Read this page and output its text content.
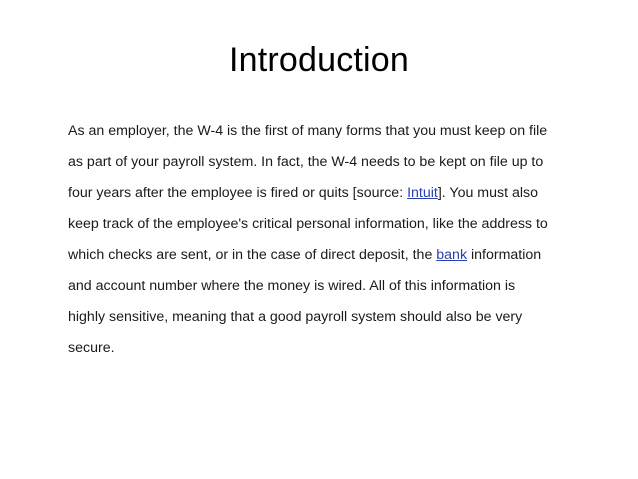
Introduction
As an employer, the W-4 is the first of many forms that you must keep on file
as part of your payroll system. In fact, the W-4 needs to be kept on file up to
four years after the employee is fired or quits [source: Intuit]. You must also
keep track of the employee's critical personal information, like the address to
which checks are sent, or in the case of direct deposit, the bank information
and account number where the money is wired. All of this information is
highly sensitive, meaning that a good payroll system should also be very
secure.
